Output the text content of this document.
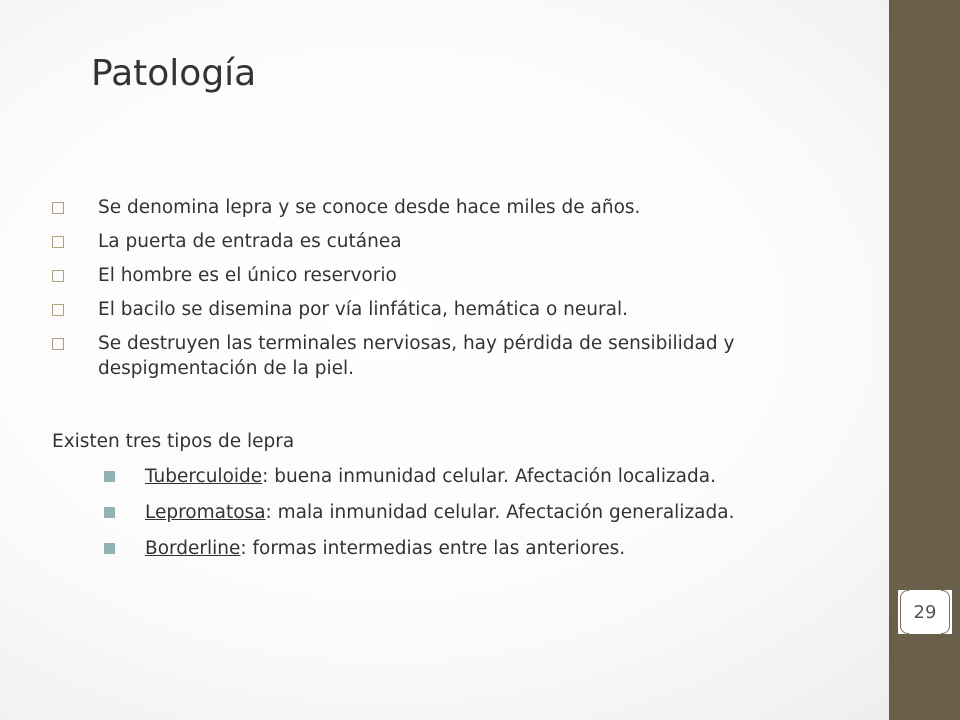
Patología
Se denomina lepra y se conoce desde hace miles de años.
La puerta de entrada es cutánea
El hombre es el único reservorio
El bacilo se disemina por vía linfática, hemática o neural.
Se destruyen las terminales nerviosas, hay pérdida de sensibilidad y despigmentación de la piel.
Existen tres tipos de lepra
Tuberculoide: buena inmunidad celular. Afectación localizada.
Lepromatosa: mala inmunidad celular. Afectación generalizada.
Borderline: formas intermedias entre las anteriores.
29
